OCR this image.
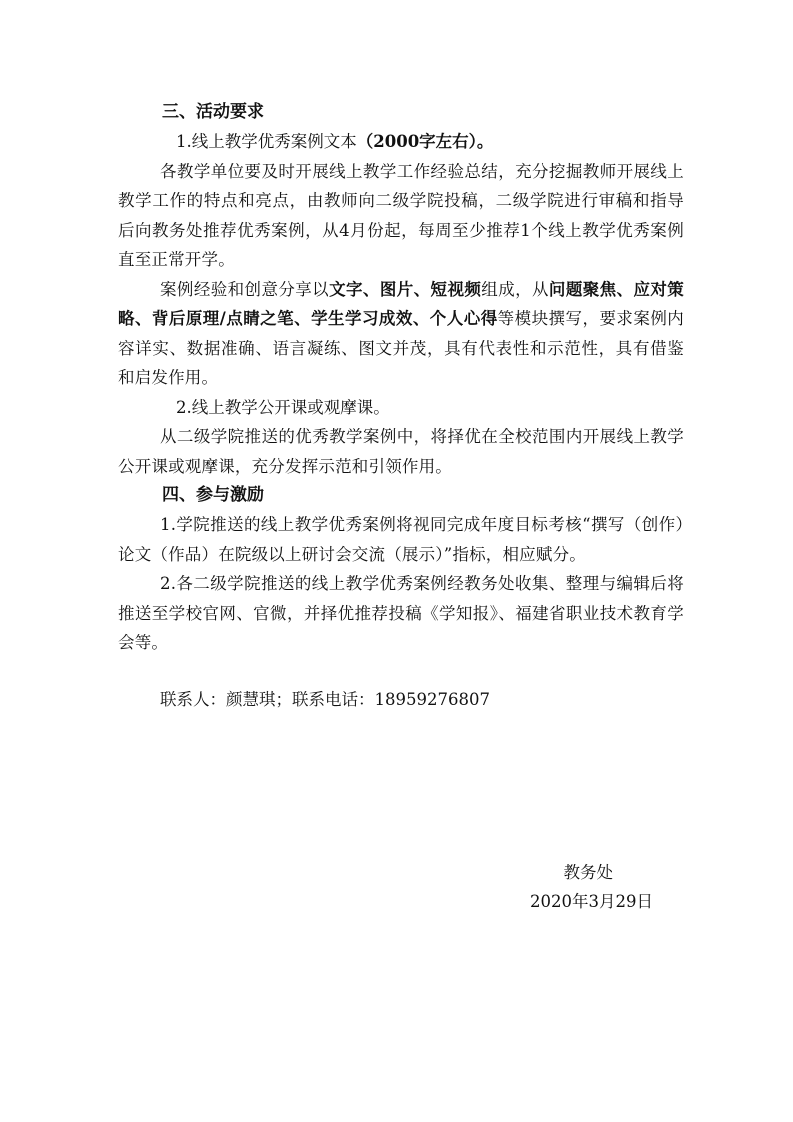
三、活动要求

1.线上教学优秀案例文本（2000字左右）。

各教学单位要及时开展线上教学工作经验总结，充分挖掘教师开展线上教学工作的特点和亮点，由教师向二级学院投稿，二级学院进行审稿和指导后向教务处推荐优秀案例，从4月份起，每周至少推荐1个线上教学优秀案例直至正常开学。

案例经验和创意分享以文字、图片、短视频组成，从问题聚焦、应对策略、背后原理/点睛之笔、学生学习成效、个人心得等模块撰写，要求案例内容详实、数据准确、语言凝练、图文并茂，具有代表性和示范性，具有借鉴和启发作用。

2.线上教学公开课或观摩课。

从二级学院推送的优秀教学案例中，将择优在全校范围内开展线上教学公开课或观摩课，充分发挥示范和引领作用。

四、参与激励

1.学院推送的线上教学优秀案例将视同完成年度目标考核“撰写（创作）论文（作品）在院级以上研讨会交流（展示）”指标，相应赋分。

2.各二级学院推送的线上教学优秀案例经教务处收集、整理与编辑后将推送至学校官网、官微，并择优推荐投稿《学知报》、福建省职业技术教育学会等。

联系人：颜慧琪；联系电话：18959276807
教务处
2020年3月29日
